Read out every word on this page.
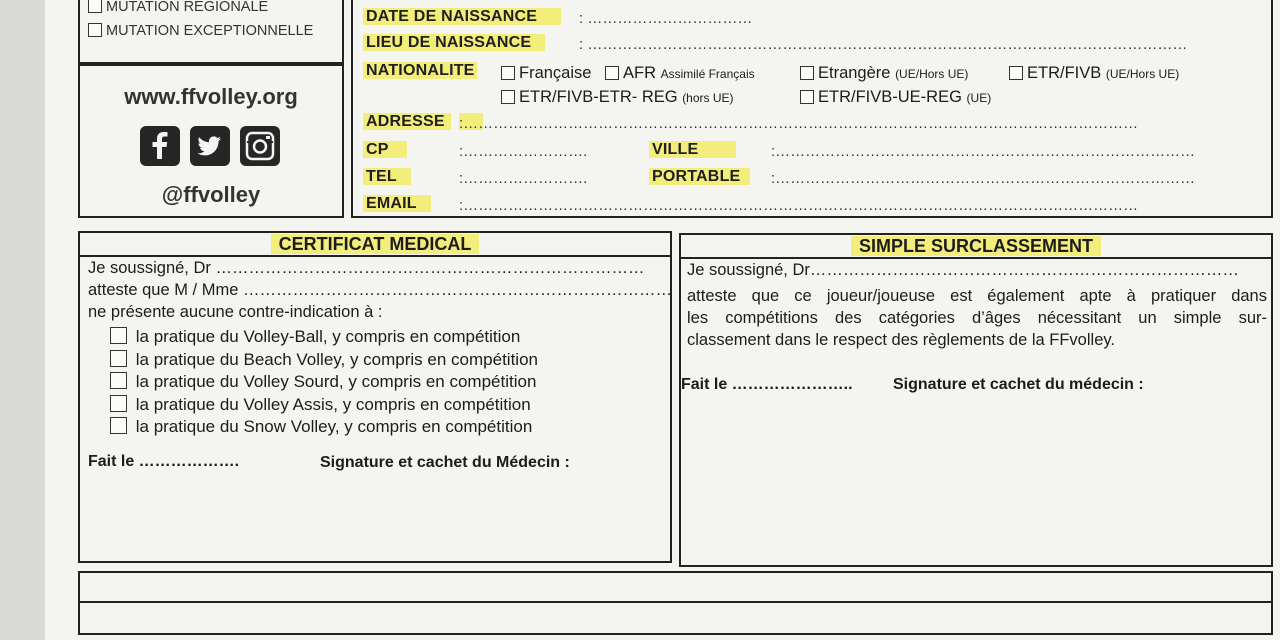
MUTATION REGIONALE
MUTATION EXCEPTIONNELLE
www.ffvolley.org
@ffvolley
DATE DE NAISSANCE	: ……………………………
LIEU DE NAISSANCE	: …………………………………………………………………………………………………………
NATIONALITE	Française	AFR Assimilé Français	Etrangère (UE/Hors UE)	ETR/FIVB (UE/Hors UE)
ETR/FIVB-ETR- REG (hors UE)	ETR/FIVB-UE-REG (UE)
ADRESSE :………………………………………………………………………………………………………………………
CP	:…………………….	VILLE	:…………………………………………………………………………
TEL	:…………………….	PORTABLE	:…………………………………………………………………………
EMAIL	:………………………………………………………………………………………………………………………
CERTIFICAT MEDICAL
Je soussigné, Dr ……………………………………………………………………
atteste que M / Mme ……………………………………………………………………
ne présente aucune contre-indication à :
la pratique du Volley-Ball, y compris en compétition
la pratique du Beach Volley, y compris en compétition
la pratique du Volley Sourd, y compris en compétition
la pratique du Volley Assis, y compris en compétition
la pratique du Snow Volley, y compris en compétition
Fait le ……………….	Signature et cachet du Médecin :
SIMPLE SURCLASSEMENT
Je soussigné, Dr……………………………………………………………………
atteste que ce joueur/joueuse est également apte à pratiquer dans
les compétitions des catégories d’âges nécessitant un simple sur-
classement dans le respect des règlements de la FFvolley.
Fait le …………………..	Signature et cachet du médecin :
